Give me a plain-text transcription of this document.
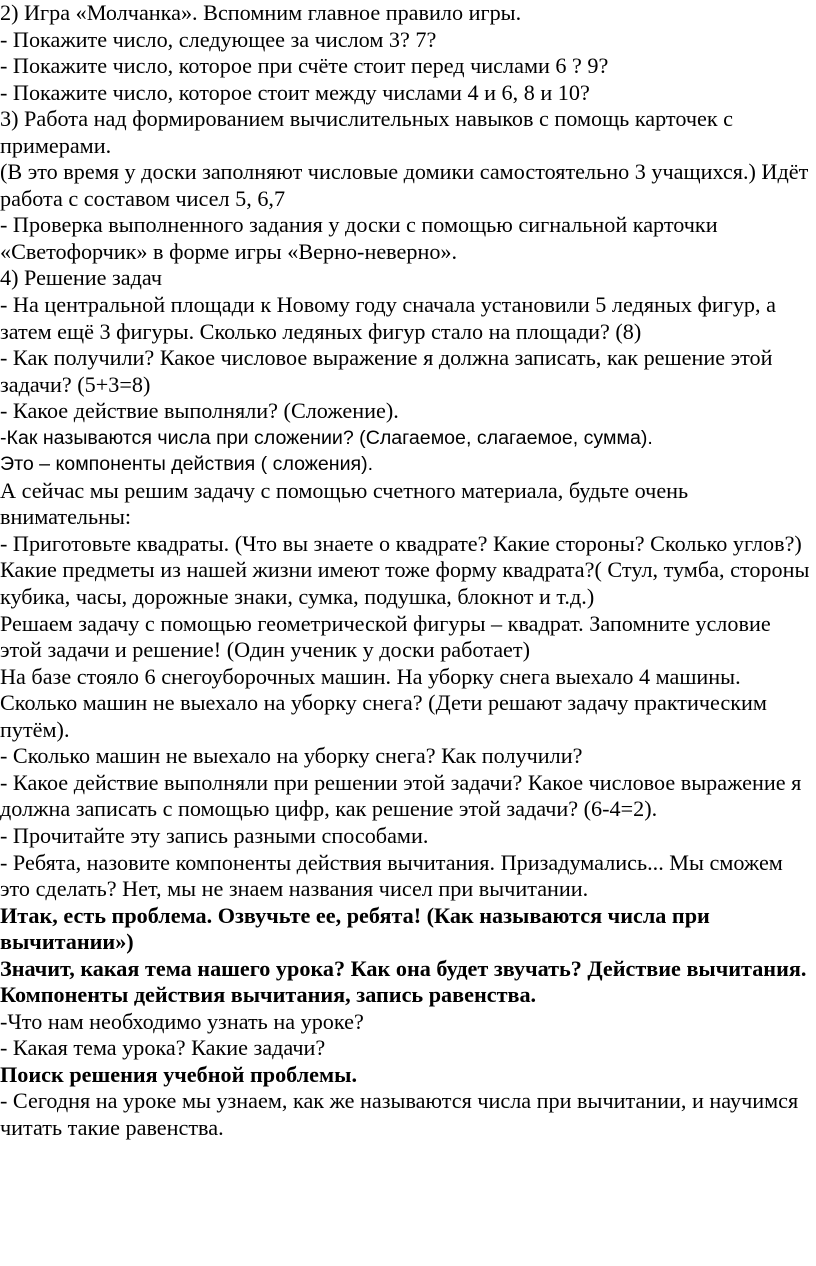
2) Игра «Молчанка». Вспомним главное правило игры.

- Покажите число, следующее за числом 3? 7?

- Покажите число, которое при счёте стоит перед числами 6 ? 9?

- Покажите число, которое стоит между числами 4 и 6, 8 и 10?

3) Работа над формированием вычислительных навыков с помощь карточек с примерами.

(В это время у доски заполняют числовые домики самостоятельно 3 учащихся.) Идёт работа с составом чисел 5, 6,7

- Проверка выполненного задания у доски с помощью сигнальной карточки «Светофорчик» в форме игры «Верно-неверно».

4) Решение задач

- На центральной площади к Новому году сначала установили 5 ледяных фигур, а затем ещё 3 фигуры. Сколько ледяных фигур стало на площади? (8)

- Как получили? Какое числовое выражение я должна записать, как решение этой задачи? (5+3=8)

- Какое действие выполняли? (Сложение).

-Как называются числа при сложении? (Слагаемое, слагаемое, сумма).

Это – компоненты действия ( сложения).

А сейчас мы решим задачу с помощью счетного материала, будьте очень внимательны:

- Приготовьте квадраты. (Что вы знаете о квадрате? Какие стороны? Сколько углов?) Какие предметы из нашей жизни имеют тоже форму квадрата?( Стул, тумба, стороны кубика, часы, дорожные знаки, сумка, подушка, блокнот и т.д.)

Решаем задачу с помощью геометрической фигуры – квадрат. Запомните условие этой задачи и решение! (Один ученик у доски работает)

На базе стояло 6 снегоуборочных машин. На уборку снега выехало 4 машины. Сколько машин не выехало на уборку снега? (Дети решают задачу практическим путём).

- Сколько машин не выехало на уборку снега? Как получили?

- Какое действие выполняли при решении этой задачи? Какое числовое выражение я должна записать с помощью цифр, как решение этой задачи? (6-4=2).

- Прочитайте эту запись разными способами.

- Ребята, назовите компоненты действия вычитания. Призадумались... Мы сможем это сделать? Нет, мы не знаем названия чисел при вычитании.

Итак, есть проблема. Озвучьте ее, ребята! (Как называются числа при вычитании»)

Значит, какая тема нашего урока? Как она будет звучать? Действие вычитания. Компоненты действия вычитания, запись равенства.

-Что нам необходимо узнать на уроке?

- Какая тема урока? Какие задачи?

Поиск решения учебной проблемы.

- Сегодня на уроке мы узнаем, как же называются числа при вычитании, и научимся читать такие равенства.
